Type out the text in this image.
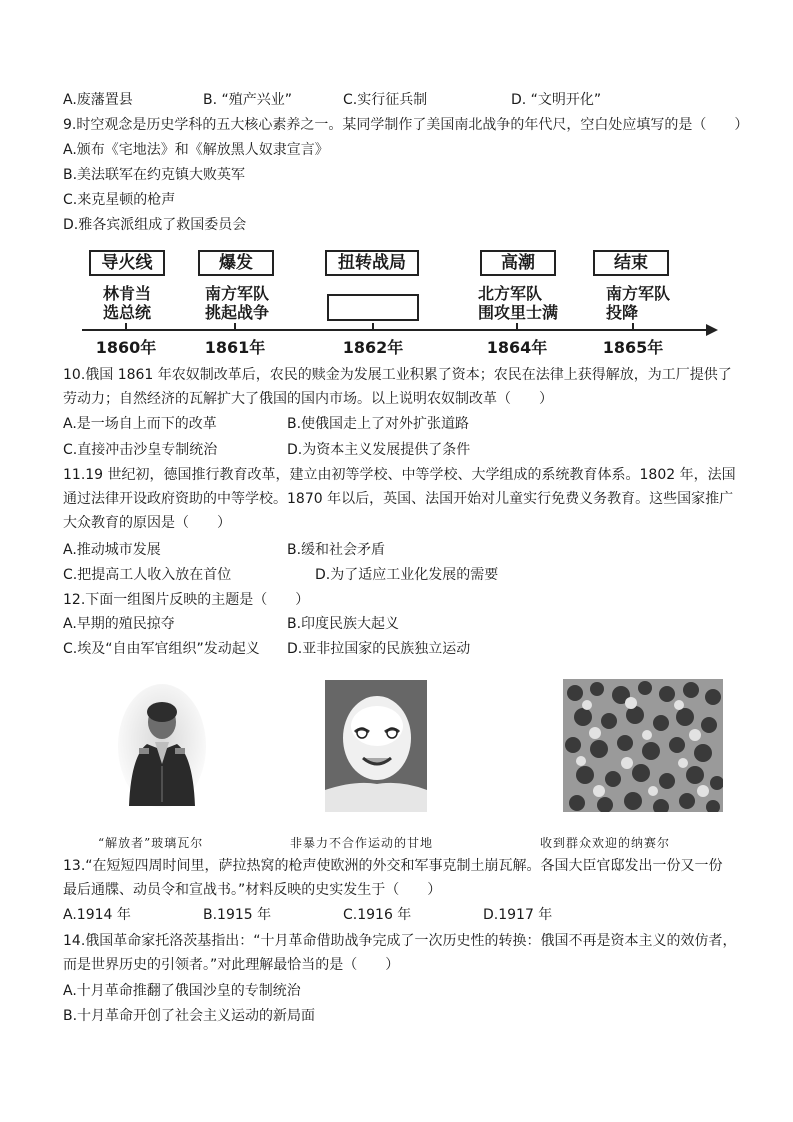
A.废藩置县	B. “殖产兴业”	C.实行征兵制	D. “文明开化”
9.时空观念是历史学科的五大核心素养之一。某同学制作了美国南北战争的年代尺，空白处应填写的是（　　）
A.颁布《宅地法》和《解放黑人奴隶宣言》
B.美法联军在约克镇大败英军
C.来克星顿的枪声
D.雅各宾派组成了救国委员会
导火线	爆发	扭转战局	高潮	结束
林肯当
选总统
南方军队
挑起战争
北方军队
围攻里士满
南方军队
投降
1860年	1861年	1862年	1864年	1865年
10.俄国 1861 年农奴制改革后，农民的赎金为发展工业积累了资本；农民在法律上获得解放，为工厂提供了
劳动力；自然经济的瓦解扩大了俄国的国内市场。以上说明农奴制改革（　　）
A.是一场自上而下的改革	B.使俄国走上了对外扩张道路
C.直接冲击沙皇专制统治	D.为资本主义发展提供了条件
11.19 世纪初，德国推行教育改革，建立由初等学校、中等学校、大学组成的系统教育体系。1802 年，法国
通过法律开设政府资助的中等学校。1870 年以后，英国、法国开始对儿童实行免费义务教育。这些国家推广
大众教育的原因是（　　）
A.推动城市发展	B.缓和社会矛盾
C.把提高工人收入放在首位	D.为了适应工业化发展的需要
12.下面一组图片反映的主题是（　　）
A.早期的殖民掠夺	B.印度民族大起义
C.埃及“自由军官组织”发动起义 D.亚非拉国家的民族独立运动
“解放者”玻璃瓦尔	非暴力不合作运动的甘地	收到群众欢迎的纳赛尔
13.“在短短四周时间里，萨拉热窝的枪声使欧洲的外交和军事克制土崩瓦解。各国大臣官邸发出一份又一份
最后通牒、动员令和宣战书。”材料反映的史实发生于（　　）
A.1914 年	B.1915 年	C.1916 年	D.1917 年
14.俄国革命家托洛茨基指出：“十月革命借助战争完成了一次历史性的转换：俄国不再是资本主义的效仿者，
而是世界历史的引领者。”对此理解最恰当的是（　　）
A.十月革命推翻了俄国沙皇的专制统治
B.十月革命开创了社会主义运动的新局面
